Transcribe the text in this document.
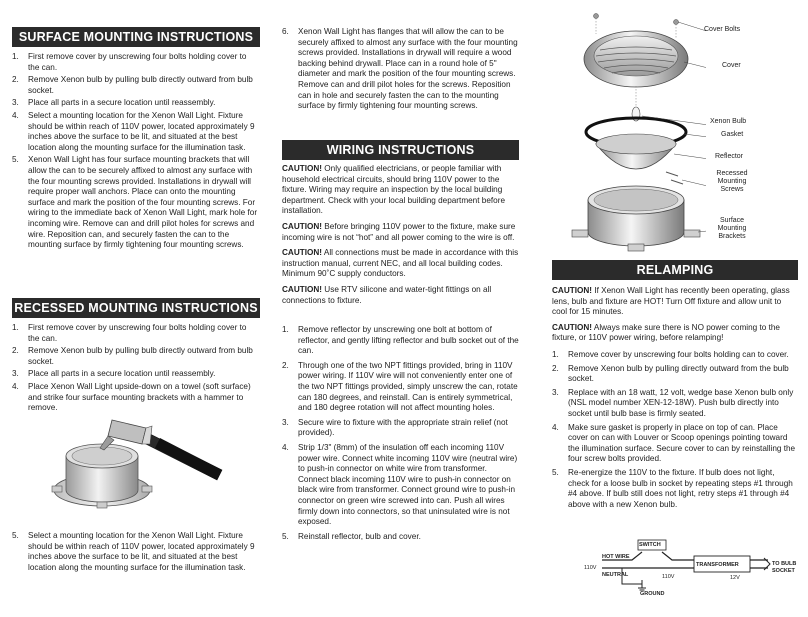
SURFACE MOUNTING INSTRUCTIONS
1. First remove cover by unscrewing four bolts holding cover to the can.
2. Remove Xenon bulb by pulling bulb directly outward from bulb socket.
3. Place all parts in a secure location until reassembly.
4. Select a mounting location for the Xenon Wall Light. Fixture should be within reach of 110V power, located approximately 9 inches above the surface to be lit, and situated at the best location along the mounting surface for the illumination task.
5. Xenon Wall Light has four surface mounting brackets that will allow the can to be securely affixed to almost any surface with the four mounting screws provided. Installations in drywall will require proper wall anchors. Place can onto the mounting surface and mark the position of the four mounting screws. For wiring to the immediate back of Xenon Wall Light, mark hole for incoming wire. Remove can and drill pilot holes for screws and wire. Reposition can, and securely fasten the can to the mounting surface by firmly tightening four mounting screws.
RECESSED MOUNTING INSTRUCTIONS
1. First remove cover by unscrewing four bolts holding cover to the can.
2. Remove Xenon bulb by pulling bulb directly outward from bulb socket.
3. Place all parts in a secure location until reassembly.
4. Place Xenon Wall Light upside-down on a towel (soft surface) and strike four surface mounting brackets with a hammer to remove.
5. Select a mounting location for the Xenon Wall Light. Fixture should be within reach of 110V power, located approximately 9 inches above the surface to be lit, and situated at the best location along the mounting surface for the illumination task.
6. Xenon Wall Light has flanges that will allow the can to be securely affixed to almost any surface with the four mounting screws provided. Installations in drywall will require a wood backing behind drywall. Place can in a round hole of 5" diameter and mark the position of the four mounting screws. Remove can and drill pilot holes for the screws. Reposition can in hole and securely fasten the can to the mounting surface by firmly tightening four mounting screws.
WIRING INSTRUCTIONS

CAUTION! Only qualified electricians, or people familiar with household electrical circuits, should bring 110V power to the fixture. Wiring may require an inspection by the local building department. Check with your local building department before installation.

CAUTION! Before bringing 110V power to the fixture, make sure incoming wire is not “hot” and all power coming to the wire is off.

CAUTION! All connections must be made in accordance with this instruction manual, current NEC, and all local building codes. Minimum 90˚C supply conductors.

CAUTION! Use RTV silicone and water-tight fittings on all connections to fixture.

1. Remove reflector by unscrewing one bolt at bottom of reflector, and gently lifting reflector and bulb socket out of the can.
2. Through one of the two NPT fittings provided, bring in 110V power wiring. If 110V wire will not conveniently enter one of the two NPT fittings provided, simply unscrew the can, rotate can 180 degrees, and reinstall. Can is entirely symmetrical, and 180 degree rotation will not affect mounting holes.
3. Secure wire to fixture with the appropriate strain relief (not provided).
4. Strip 1/3" (8mm) of the insulation off each incoming 110V power wire. Connect white incoming 110V wire (neutral wire) to push-in connector on white wire from transformer. Connect black incoming 110V wire to push-in connector on black wire from transformer. Connect ground wire to push-in connector on green wire screwed into can. Push all wires firmly down into connectors, so that uninsulated wire is not exposed.
5. Reinstall reflector, bulb and cover.
Cover Bolts
Cover
Xenon Bulb
Gasket
Reflector
Recessed
Mounting
Screws
Surface
Mounting
Brackets
RELAMPING

CAUTION! If Xenon Wall Light has recently been operating, glass lens, bulb and fixture are HOT! Turn Off fixture and allow unit to cool for 15 minutes.

CAUTION! Always make sure there is NO power coming to the fixture, or 110V power wiring, before relamping!

1. Remove cover by unscrewing four bolts holding can to cover.
2. Remove Xenon bulb by pulling directly outward from the bulb socket.
3. Replace with an 18 watt, 12 volt, wedge base Xenon bulb only (NSL model number XEN-12-18W). Push bulb directly into socket until bulb base is firmly seated.
4. Make sure gasket is properly in place on top of can. Place cover on can with Louver or Scoop openings pointing toward the illumination surface. Secure cover to can by reinstalling the four screw bolts provided.
5. Re-energize the 110V to the fixture. If bulb does not light, check for a loose bulb in socket by repeating steps #1 through #4 above. If bulb still does not light, retry steps #1 through #4 above with a new Xenon bulb.
SWITCH
110V
HOT WIRE
NEUTRAL	110V
TRANSFORMER
12V
TO BULB
SOCKET
GROUND
